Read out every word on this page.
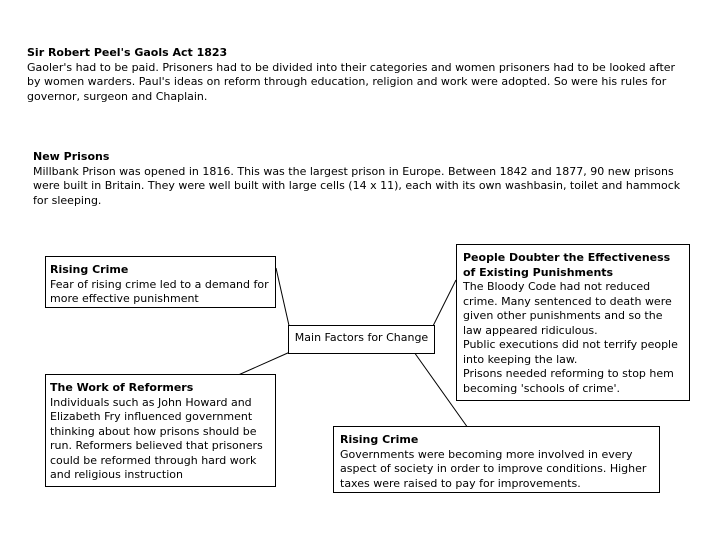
Sir Robert Peel's Gaols Act 1823
Gaoler's had to be paid. Prisoners had to be divided into their categories and women prisoners had to be looked after by women warders. Paul's ideas on reform through education, religion and work were adopted. So were his rules for governor, surgeon and Chaplain.
New Prisons
Millbank Prison was opened in 1816. This was the largest prison in Europe. Between 1842 and 1877, 90 new prisons were built in Britain. They were well built with large cells (14 x 11), each with its own washbasin, toilet and hammock for sleeping.
Main Factors for Change
Rising Crime
Fear of rising crime led to a demand for more effective punishment
The Work of Reformers
Individuals such as John Howard and Elizabeth Fry influenced government thinking about how prisons should be run. Reformers believed that prisoners could be reformed through hard work and religious instruction
People Doubter the Effectiveness of Existing Punishments
The Bloody Code had not reduced crime. Many sentenced to death were given other punishments and so the law appeared ridiculous.
Public executions did not terrify people into keeping the law.
Prisons needed reforming to stop hem becoming 'schools of crime'.
Rising Crime
Governments were becoming more involved in every aspect of society in order to improve conditions. Higher taxes were raised to pay for improvements.
